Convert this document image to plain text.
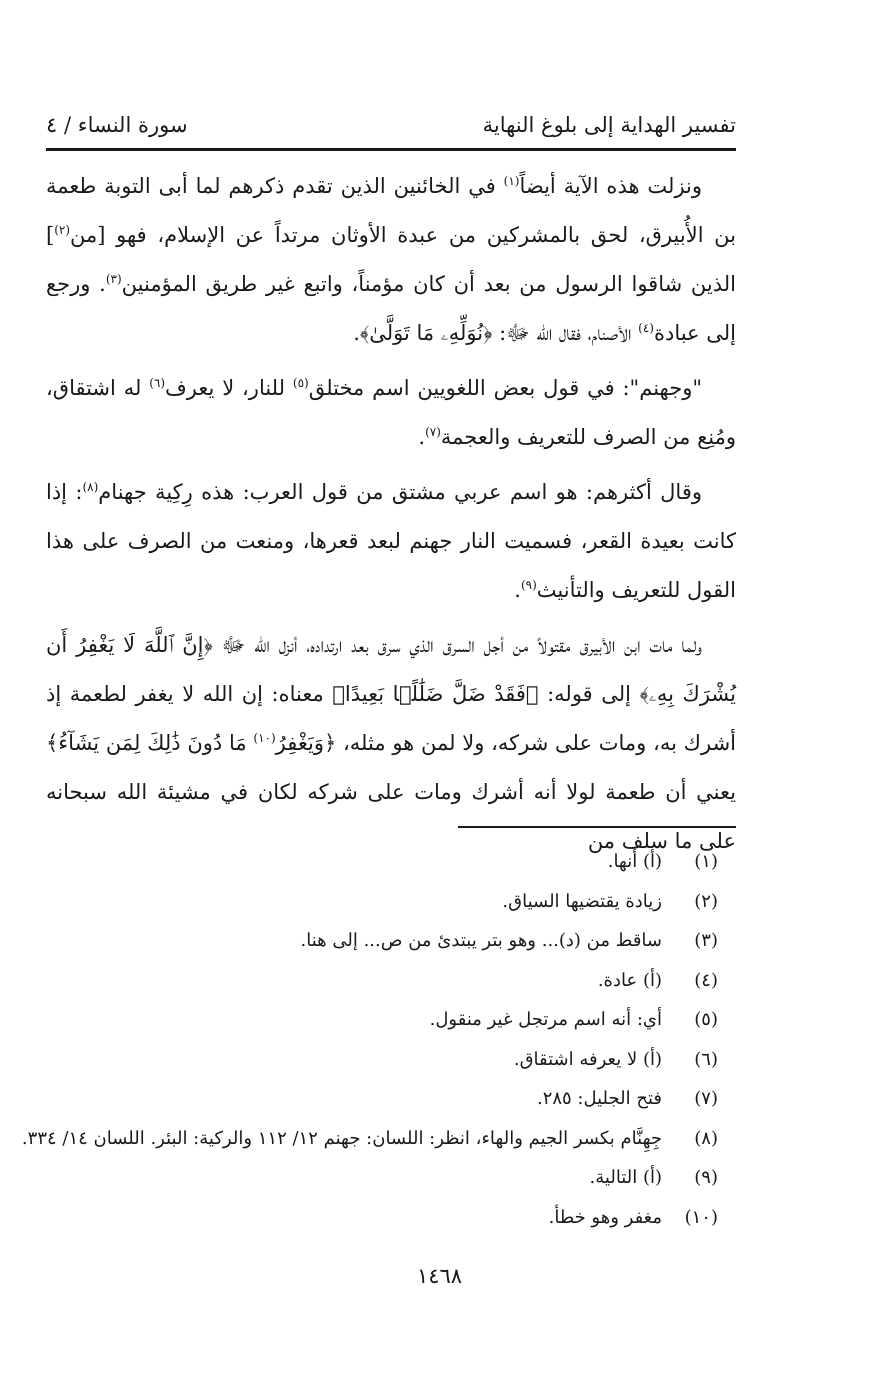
تفسير الهداية إلى بلوغ النهاية
سورة النساء / ٤

ونزلت هذه الآية أيضاً$^{(١)}$ في الخائنين الذين تقدم ذكرهم لما أبى التوبة طعمة بن الأُبيرق، لحق بالمشركين من عبدة الأوثان مرتداً عن الإسلام، فهو [من$^{(٢)}$] الذين شاقوا الرسول من بعد أن كان مؤمناً، واتبع غير طريق المؤمنين$^{(٣)}$. ورجع إلى عبادة$^{(٤)}$ الأصنام، فقال الله ﷻ: ﴿نُوَلِّهِۦ مَا تَوَلَّىٰ﴾.

"وجهنم": في قول بعض اللغويين اسم مختلق$^{(٥)}$ للنار، لا يعرف$^{(٦)}$ له اشتقاق، ومُنِع من الصرف للتعريف والعجمة$^{(٧)}$.

وقال أكثرهم: هو اسم عربي مشتق من قول العرب: هذه رِكِية جهنام$^{(٨)}$: إذا كانت بعيدة القعر، فسميت النار جهنم لبعد قعرها، ومنعت من الصرف على هذا القول للتعريف والتأنيث$^{(٩)}$.

ولما مات ابن الأبيرق مقتولاً من أجل السرق الذي سرق بعد ارتداده، أنزل الله ﷻ ﴿إِنَّ ٱللَّهَ لَا يَغْفِرُ أَن يُشْرَكَ بِهِۦ﴾ إلى قوله: ﴿فَقَدْ ضَلَّ ضَلَٰلًۢا بَعِيدًا﴾ معناه: إن الله لا يغفر لطعمة إذ أشرك به، ومات على شركه، ولا لمن هو مثله، ﴿وَيَغْفِرُ$^{(١٠)}$ مَا دُونَ ذَٰلِكَ لِمَن يَشَآءُ﴾ يعني أن طعمة لولا أنه أشرك ومات على شركه لكان في مشيئة الله سبحانه على ما سلف من

(١)(أ) أنها.
(٢)زيادة يقتضيها السياق.
(٣)ساقط من (د)... وهو بتر يبتدئ من ص... إلى هنا.
(٤)(أ) عادة.
(٥)أي: أنه اسم مرتجل غير منقول.
(٦)(أ) لا يعرفه اشتقاق.
(٧)فتح الجليل: ٢٨٥.
(٨)جِهِنَّام بكسر الجيم والهاء، انظر: اللسان: جهنم ١٢/ ١١٢ والركية: البئر. اللسان ١٤/ ٣٣٤.
(٩)(أ) التالية.
(١٠)مغفر وهو خطأ.
١٤٦٨
